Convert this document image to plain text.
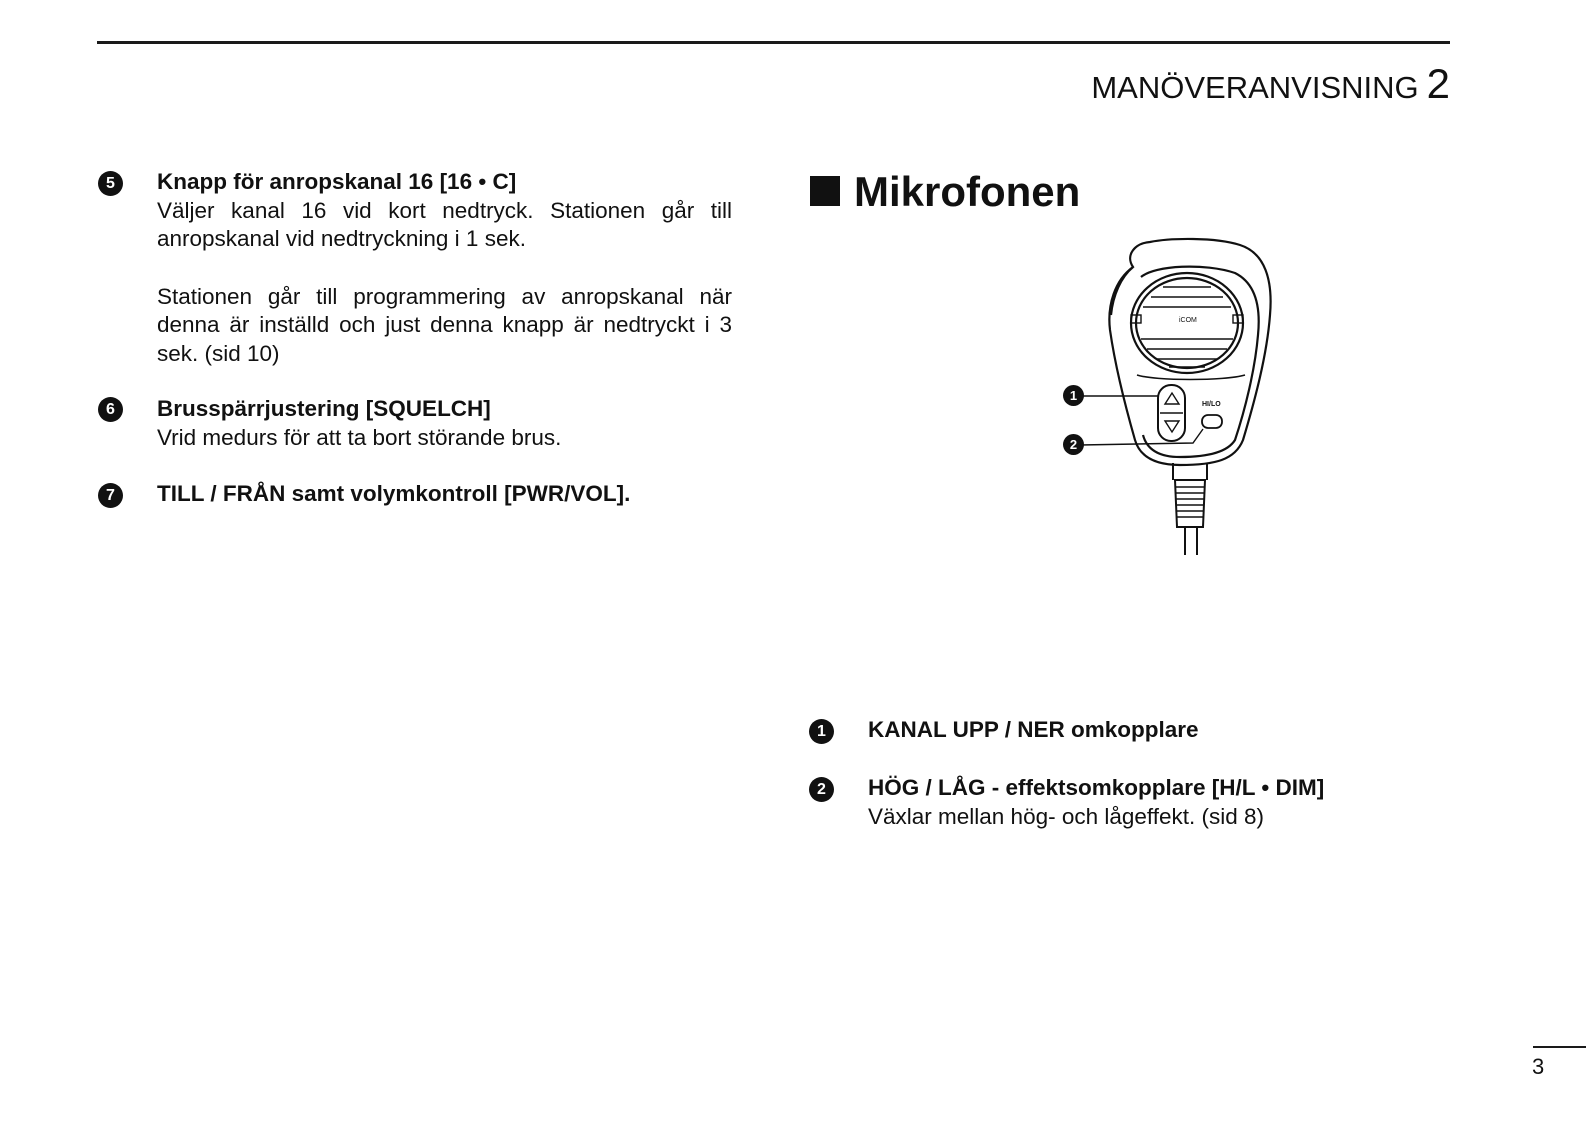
MANÖVERANVISNING 2
5	Knapp för anropskanal 16 [16 • C]
Väljer kanal 16 vid kort nedtryck. Stationen går till anropskanal vid nedtryckning i 1 sek.
Stationen går till programmering av anropskanal när denna är inställd och just denna knapp är nedtryckt i 3 sek. (sid 10)
6	Brusspärrjustering [SQUELCH]
Vrid medurs för att ta bort störande brus.
7	TILL / FRÅN samt volymkontroll [PWR/VOL].
Mikrofonen
iCOM
HI/LO
1
2
1	KANAL UPP / NER omkopplare
2	HÖG / LÅG - effektsomkopplare [H/L • DIM]
Växlar mellan hög- och lågeffekt. (sid 8)
3
